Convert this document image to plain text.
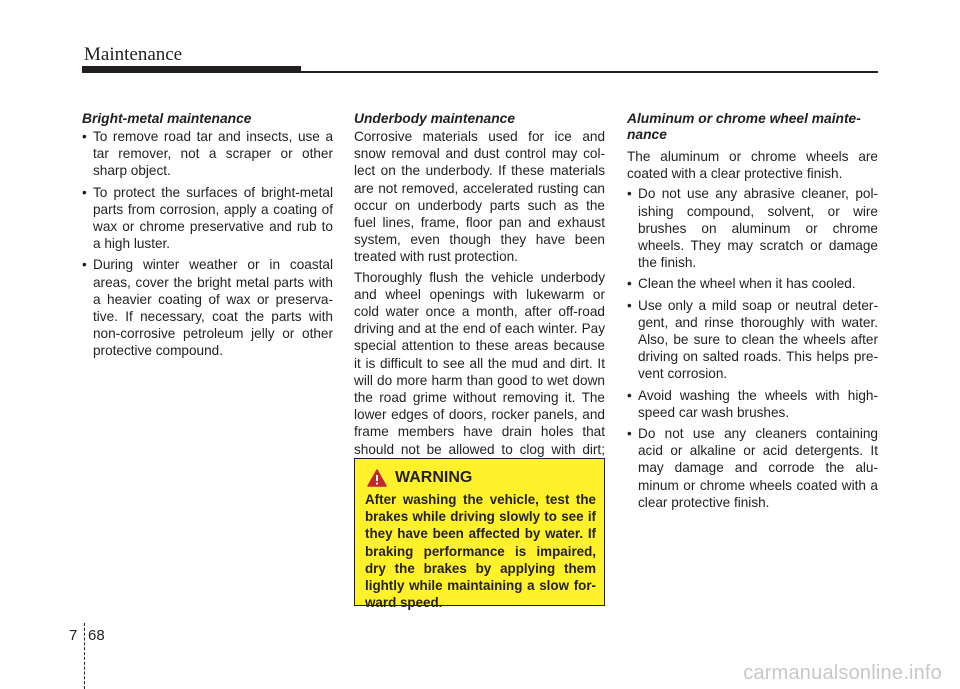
Maintenance
Bright-metal maintenance
• To remove road tar and insects, use a tar remover, not a scraper or other sharp object.
• To protect the surfaces of bright-metal parts from corrosion, apply a coating of wax or chrome preservative and rub to a high luster.
• During winter weather or in coastal areas, cover the bright metal parts with a heavier coating of wax or preserva-tive. If necessary, coat the parts with non-corrosive petroleum jelly or other protective compound.
Underbody maintenance

Corrosive materials used for ice and snow removal and dust control may col-lect on the underbody. If these materials are not removed, accelerated rusting can occur on underbody parts such as the fuel lines, frame, floor pan and exhaust system, even though they have been treated with rust protection.

Thoroughly flush the vehicle underbody and wheel openings with lukewarm or cold water once a month, after off-road driving and at the end of each winter. Pay special attention to these areas because it is difficult to see all the mud and dirt. It will do more harm than good to wet down the road grime without removing it. The lower edges of doors, rocker panels, and frame members have drain holes that should not be allowed to clog with dirt;

WARNING
After washing the vehicle, test the brakes while driving slowly to see if they have been affected by water. If braking performance is impaired, dry the brakes by applying them lightly while maintaining a slow for-ward speed.
Aluminum or chrome wheel mainte-nance

The aluminum or chrome wheels are coated with a clear protective finish.

• Do not use any abrasive cleaner, pol-ishing compound, solvent, or wire brushes on aluminum or chrome wheels. They may scratch or damage the finish.
• Clean the wheel when it has cooled.
• Use only a mild soap or neutral deter-gent, and rinse thoroughly with water. Also, be sure to clean the wheels after driving on salted roads. This helps pre-vent corrosion.
• Avoid washing the wheels with high-speed car wash brushes.
• Do not use any cleaners containing acid or alkaline or acid detergents. It may damage and corrode the alu-minum or chrome wheels coated with a clear protective finish.
7 68
carmanualsonline.info
